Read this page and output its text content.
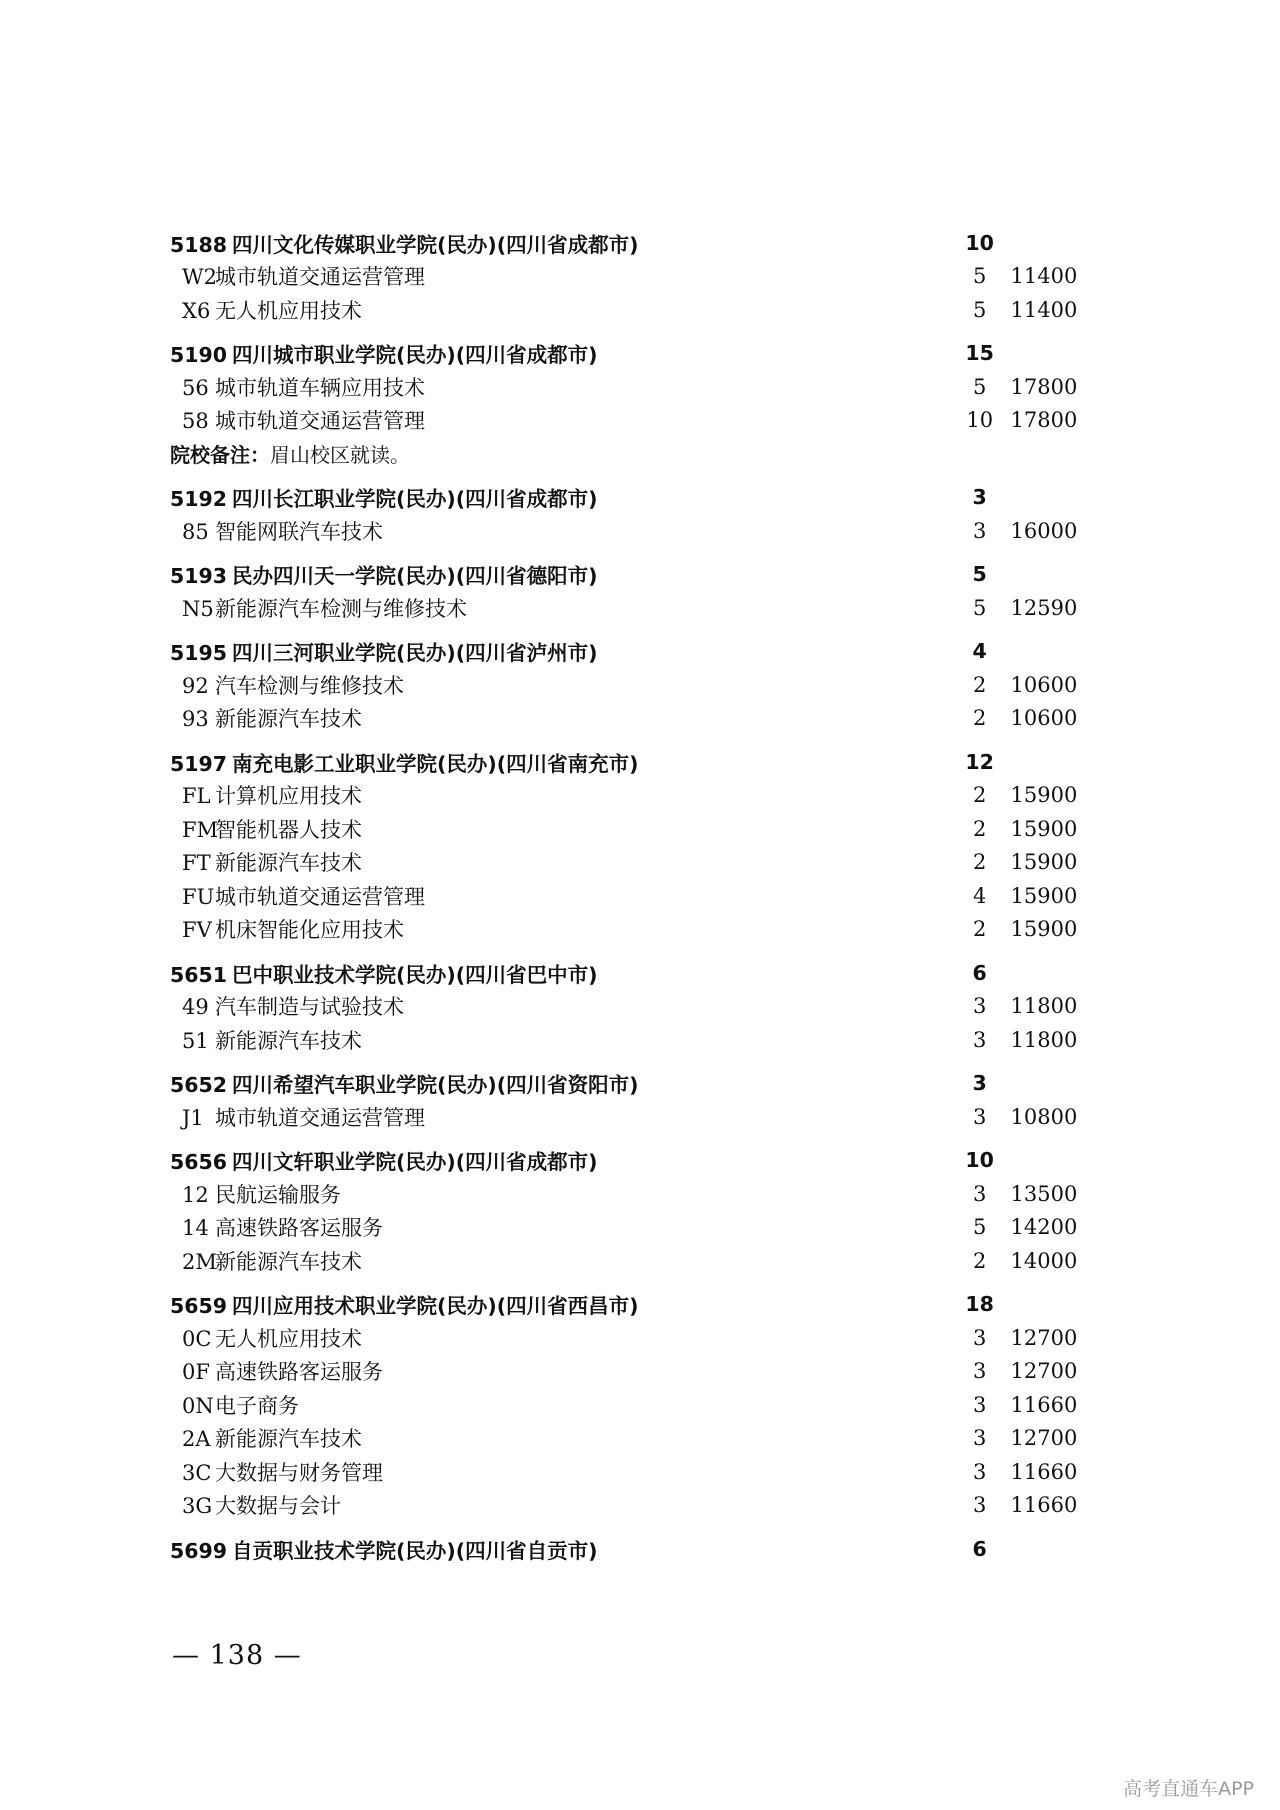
5188 四川文化传媒职业学院(民办)(四川省成都市)	10
W2城市轨道交通运营管理	5	11400
X6 无人机应用技术	5	11400
5190 四川城市职业学院(民办)(四川省成都市)	15
56 城市轨道车辆应用技术	5	17800
58 城市轨道交通运营管理	10 17800
院校备注： 眉山校区就读。
5192 四川长江职业学院(民办)(四川省成都市)	3
85 智能网联汽车技术	3	16000
5193 民办四川天一学院(民办)(四川省德阳市)	5
N5新能源汽车检测与维修技术	5	12590
5195 四川三河职业学院(民办)(四川省泸州市)	4
92 汽车检测与维修技术	2	10600
93 新能源汽车技术	2	10600
5197 南充电影工业职业学院(民办)(四川省南充市)	12
FL 计算机应用技术	2	15900
FM智能机器人技术	2	15900
FT 新能源汽车技术	2	15900
FU城市轨道交通运营管理	4	15900
FV 机床智能化应用技术	2	15900
5651 巴中职业技术学院(民办)(四川省巴中市)	6
49 汽车制造与试验技术	3	11800
51 新能源汽车技术	3	11800
5652 四川希望汽车职业学院(民办)(四川省资阳市)	3
J1 城市轨道交通运营管理	3	10800
5656 四川文轩职业学院(民办)(四川省成都市)	10
12 民航运输服务	3	13500
14 高速铁路客运服务	5	14200
2M新能源汽车技术	2	14000
5659 四川应用技术职业学院(民办)(四川省西昌市)	18
0C 无人机应用技术	3	12700
0F 高速铁路客运服务	3	12700
0N电子商务	3	11660
2A 新能源汽车技术	3	12700
3C 大数据与财务管理	3	11660
3G 大数据与会计	3	11660
5699 自贡职业技术学院(民办)(四川省自贡市)	6
— 138 —
高考直通车APP
